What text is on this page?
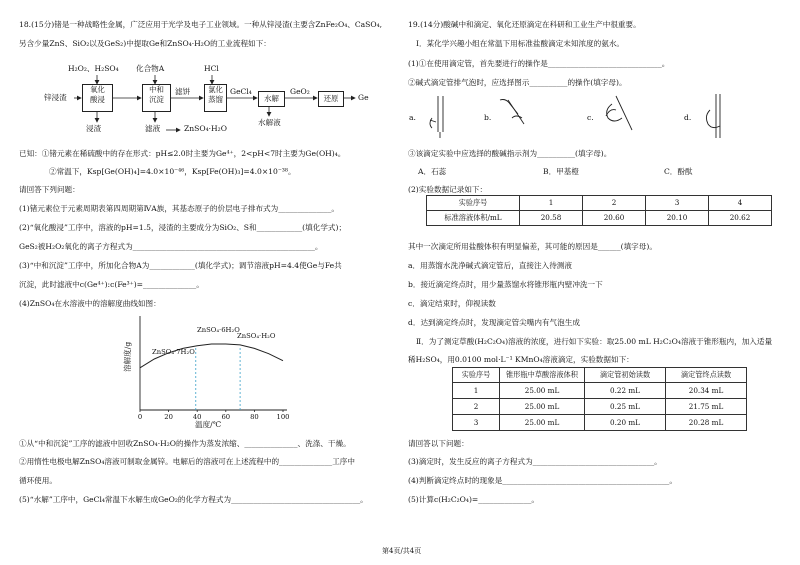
18.(15分)锗是一种战略性金属，广泛应用于光学及电子工业领域。一种从锌浸渣(主要含ZnFe₂O₄、CaSO₄,
另含少量ZnS、SiO₂以及GeS₂)中提取Ge和ZnSO₄·H₂O的工业流程如下：
H₂O₂、H₂SO₄ 化合物A	HCl
锌浸渣
氧化
酸浸
中和
沉淀
滤饼	氯化
蒸馏
GeCl₄
水解
GeO₂
还原	Ge
浸渣	滤液	ZnSO₄·H₂O
水解液
已知：①锗元素在稀硫酸中的存在形式：pH≤2.0时主要为Ge⁴⁺，2<pH<7时主要为Ge(OH)₄。
②常温下，Ksp[Ge(OH)₄]=4.0×10⁻⁴⁶，Ksp[Fe(OH)₃]=4.0×10⁻³⁸。
请回答下列问题：
(1)锗元素位于元素周期表第四周期第ⅣA族，其基态原子的价层电子排布式为______________。
(2)“氧化酸浸”工序中，溶液的pH=1.5，浸渣的主要成分为SiO₂、S和____________(填化学式)；
GeS₂被H₂O₂氧化的离子方程式为________________________________________________。
(3)“中和沉淀”工序中，所加化合物A为____________(填化学式)；调节溶液pH=4.4使Ge与Fe共
沉淀，此时滤液中c(Ge⁴⁺):c(Fe³⁺)=______________。
(4)ZnSO₄在水溶液中的溶解度曲线如图：
0	20	40	60	80	100
温度/℃
溶解度/g	ZnSO₄·7H₂O
ZnSO₄·6H₂O
ZnSO₄·H₂O
①从“中和沉淀”工序的滤液中回收ZnSO₄·H₂O的操作为蒸发浓缩、______________、洗涤、干燥。
②用惰性电极电解ZnSO₄溶液可制取金属锌。电解后的溶液可在上述流程中的______________工序中
循环使用。
(5)“水解”工序中，GeCl₄常温下水解生成GeO₂的化学方程式为__________________________________。
19.(14分)酸碱中和滴定、氧化还原滴定在科研和工业生产中很重要。
Ⅰ．某化学兴趣小组在常温下用标准盐酸滴定未知浓度的氨水。
(1)①在使用滴定管，首先要进行的操作是______________________________。
②碱式滴定管排气泡时，应选择图示__________的操作(填字母)。
a.	b.	c.	d.
③该滴定实验中应选择的酸碱指示剂为__________(填字母)。
A．石蕊	B．甲基橙	C．酚酞
(2)实验数据记录如下：
实验序号	1	2	3	4
标准溶液体积/mL	20.58	20.60	20.10	20.62
其中一次滴定所用盐酸体积有明显偏差，其可能的原因是______(填字母)。
a．用蒸馏水洗净碱式滴定管后，直接注入待测液
b．接近滴定终点时，用少量蒸馏水将锥形瓶内壁冲洗一下
c．滴定结束时，仰视读数
d．达到滴定终点时，发现滴定管尖嘴内有气泡生成
Ⅱ．为了测定草酸(H₂C₂O₄)溶液的浓度，进行如下实验：取25.00 mL H₂C₂O₄溶液于锥形瓶内，加入适量
稀H₂SO₄，用0.0100 mol·L⁻¹ KMnO₄溶液滴定，实验数据如下：
实验序号	锥形瓶中草酸溶液体积	滴定管初始读数	滴定管终点读数
1	25.00 mL	0.22 mL	20.34 mL
2	25.00 mL	0.25 mL	21.75 mL
3	25.00 mL	0.20 mL	20.28 mL
请回答以下问题：
(3)滴定时，发生反应的离子方程式为________________________________。
(4)判断滴定终点时的现象是____________________________________________。
(5)计算c(H₂C₂O₄)=______________。
第4页/共4页
